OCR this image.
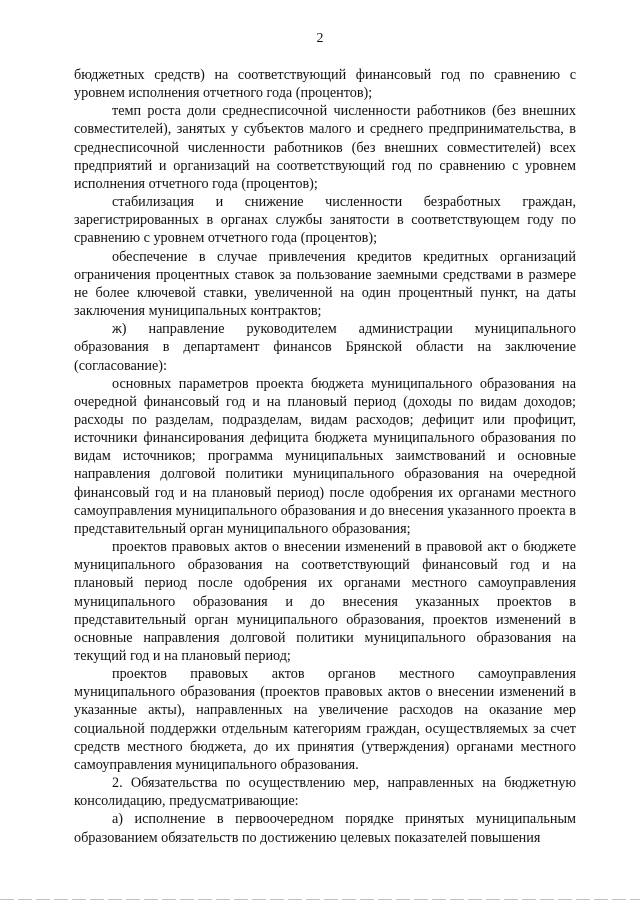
2

бюджетных средств) на соответствующий финансовый год по сравнению с уровнем исполнения отчетного года (процентов);

темп роста доли среднесписочной численности работников (без внешних совместителей), занятых у субъектов малого и среднего предпринимательства, в среднесписочной численности работников (без внешних совместителей) всех предприятий и организаций на соответствующий год по сравнению с уровнем исполнения отчетного года (процентов);

стабилизация и снижение численности безработных граждан, зарегистрированных в органах службы занятости в соответствующем году по сравнению с уровнем отчетного года (процентов);

обеспечение в случае привлечения кредитов кредитных организаций ограничения процентных ставок за пользование заемными средствами в размере не более ключевой ставки, увеличенной на один процентный пункт, на даты заключения муниципальных контрактов;

ж) направление руководителем администрации муниципального образования в департамент финансов Брянской области на заключение (согласование):

основных параметров проекта бюджета муниципального образования на очередной финансовый год и на плановый период (доходы по видам доходов; расходы по разделам, подразделам, видам расходов; дефицит или профицит, источники финансирования дефицита бюджета муниципального образования по видам источников; программа муниципальных заимствований и основные направления долговой политики муниципального образования на очередной финансовый год и на плановый период) после одобрения их органами местного самоуправления муниципального образования и до внесения указанного проекта в представительный орган муниципального образования;

проектов правовых актов о внесении изменений в правовой акт о бюджете муниципального образования на соответствующий финансовый год и на плановый период после одобрения их органами местного самоуправления муниципального образования и до внесения указанных проектов в представительный орган муниципального образования, проектов изменений в основные направления долговой политики муниципального образования на текущий год и на плановый период;

проектов правовых актов органов местного самоуправления муниципального образования (проектов правовых актов о внесении изменений в указанные акты), направленных на увеличение расходов на оказание мер социальной поддержки отдельным категориям граждан, осуществляемых за счет средств местного бюджета, до их принятия (утверждения) органами местного самоуправления муниципального образования.

2. Обязательства по осуществлению мер, направленных на бюджетную консолидацию, предусматривающие:

а) исполнение в первоочередном порядке принятых муниципальным образованием обязательств по достижению целевых показателей повышения
